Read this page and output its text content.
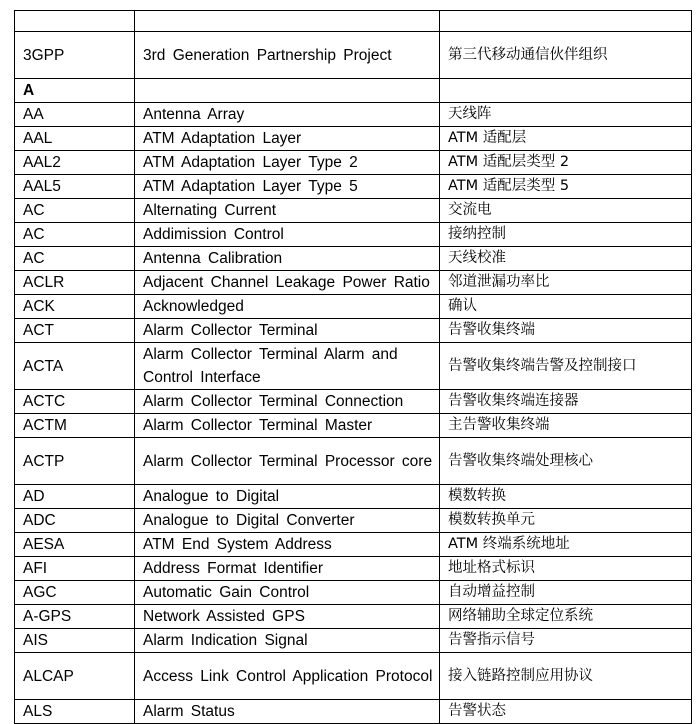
3GPP	3rd Generation Partnership Project	第三代移动通信伙伴组织
A		
AA	Antenna Array	天线阵
AAL	ATM Adaptation Layer	ATM 适配层
AAL2	ATM Adaptation Layer Type 2	ATM 适配层类型 2
AAL5	ATM Adaptation Layer Type 5	ATM 适配层类型 5
AC	Alternating Current	交流电
AC	Addimission Control	接纳控制
AC	Antenna Calibration	天线校准
ACLR	Adjacent Channel Leakage Power Ratio	邻道泄漏功率比
ACK	Acknowledged	确认
ACT	Alarm Collector Terminal	告警收集终端
ACTA	Alarm Collector Terminal Alarm and Control Interface	告警收集终端告警及控制接口
ACTC	Alarm Collector Terminal Connection	告警收集终端连接器
ACTM	Alarm Collector Terminal Master	主告警收集终端
ACTP	Alarm Collector Terminal Processor core	告警收集终端处理核心
AD	Analogue to Digital	模数转换
ADC	Analogue to Digital Converter	模数转换单元
AESA	ATM End System Address	ATM 终端系统地址
AFI	Address Format Identifier	地址格式标识
AGC	Automatic Gain Control	自动增益控制
A-GPS	Network Assisted GPS	网络辅助全球定位系统
AIS	Alarm Indication Signal	告警指示信号
ALCAP	Access Link Control Application Protocol	接入链路控制应用协议
ALS	Alarm Status	告警状态
